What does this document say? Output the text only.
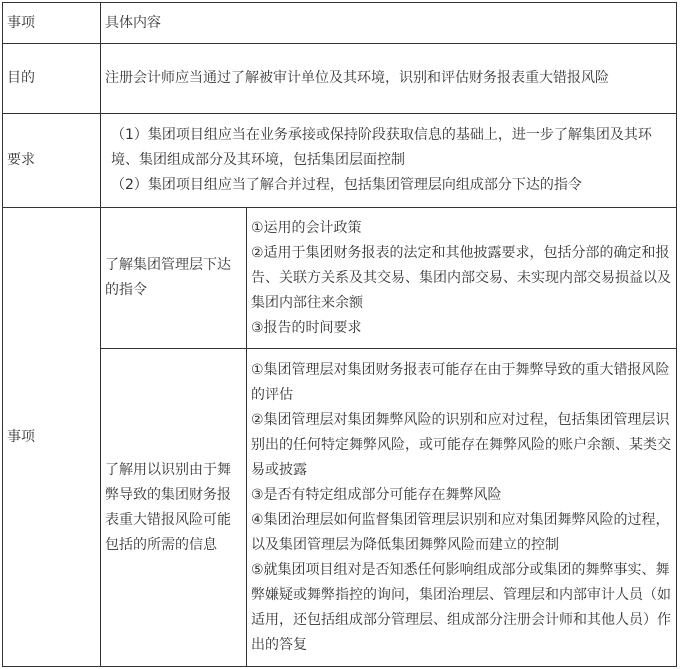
事项	具体内容	
目的	注册会计师应当通过了解被审计单位及其环境，识别和评估财务报表重大错报风险	
要求	（1）集团项目组应当在业务承接或保持阶段获取信息的基础上，进一步了解集团及其环境、集团组成部分及其环境，包括集团层面控制
（2）集团项目组应当了解合并过程，包括集团管理层向组成部分下达的指令	

事项	了解集团管理层下达的指令	①运用的会计政策
②适用于集团财务报表的法定和其他披露要求，包括分部的确定和报告、关联方关系及其交易、集团内部交易、未实现内部交易损益以及集团内部往来余额
③报告的时间要求

	了解用以识别由于舞弊导致的集团财务报表重大错报风险可能包括的所需的信息	①集团管理层对集团财务报表可能存在由于舞弊导致的重大错报风险的评估
②集团管理层对集团舞弊风险的识别和应对过程，包括集团管理层识别出的任何特定舞弊风险，或可能存在舞弊风险的账户余额、某类交易或披露
③是否有特定组成部分可能存在舞弊风险
④集团治理层如何监督集团管理层识别和应对集团舞弊风险的过程，以及集团管理层为降低集团舞弊风险而建立的控制
⑤就集团项目组对是否知悉任何影响组成部分或集团的舞弊事实、舞弊嫌疑或舞弊指控的询问，集团治理层、管理层和内部审计人员（如适用，还包括组成部分管理层、组成部分注册会计师和其他人员）作出的答复
